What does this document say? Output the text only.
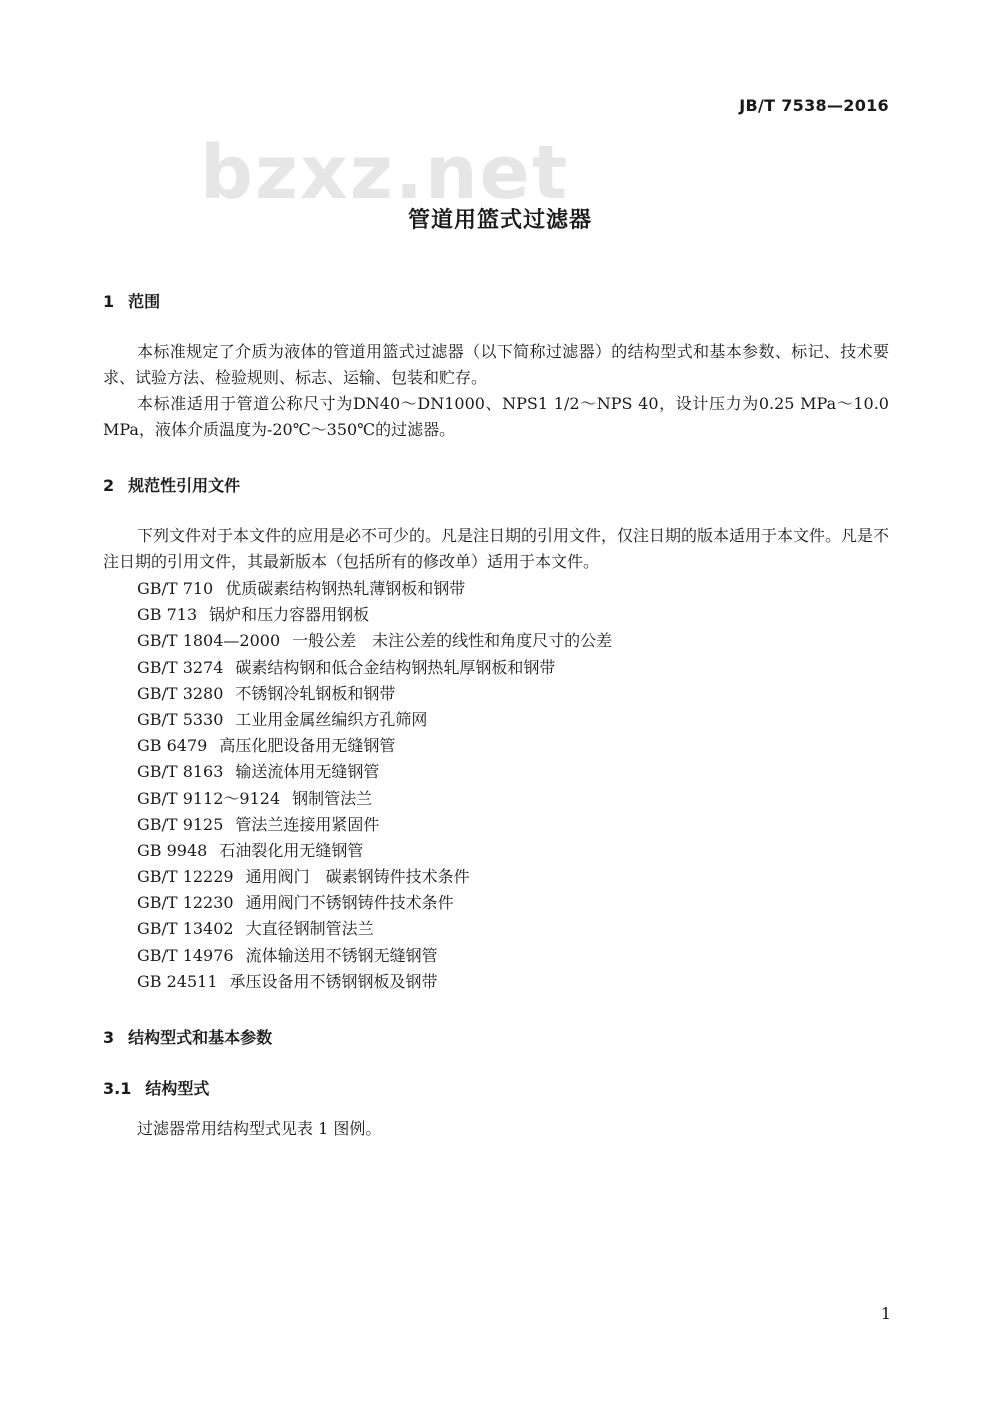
JB/T 7538—2016
bzxz.net
管道用篮式过滤器
1 范围

本标准规定了介质为液体的管道用篮式过滤器（以下简称过滤器）的结构型式和基本参数、标记、技术要求、试验方法、检验规则、标志、运输、包装和贮存。

本标准适用于管道公称尺寸为DN40～DN1000、NPS1 1/2～NPS 40，设计压力为0.25 MPa～10.0 MPa，液体介质温度为-20℃～350℃的过滤器。

2 规范性引用文件

下列文件对于本文件的应用是必不可少的。凡是注日期的引用文件，仅注日期的版本适用于本文件。凡是不注日期的引用文件，其最新版本（包括所有的修改单）适用于本文件。

GB/T 710 优质碳素结构钢热轧薄钢板和钢带
GB 713 锅炉和压力容器用钢板
GB/T 1804—2000 一般公差　未注公差的线性和角度尺寸的公差
GB/T 3274 碳素结构钢和低合金结构钢热轧厚钢板和钢带
GB/T 3280 不锈钢冷轧钢板和钢带
GB/T 5330 工业用金属丝编织方孔筛网
GB 6479 高压化肥设备用无缝钢管
GB/T 8163 输送流体用无缝钢管
GB/T 9112～9124 钢制管法兰
GB/T 9125 管法兰连接用紧固件
GB 9948 石油裂化用无缝钢管
GB/T 12229 通用阀门　碳素钢铸件技术条件
GB/T 12230 通用阀门不锈钢铸件技术条件
GB/T 13402 大直径钢制管法兰
GB/T 14976 流体输送用不锈钢无缝钢管
GB 24511 承压设备用不锈钢钢板及钢带
3 结构型式和基本参数
3.1 结构型式
过滤器常用结构型式见表 1 图例。
1
